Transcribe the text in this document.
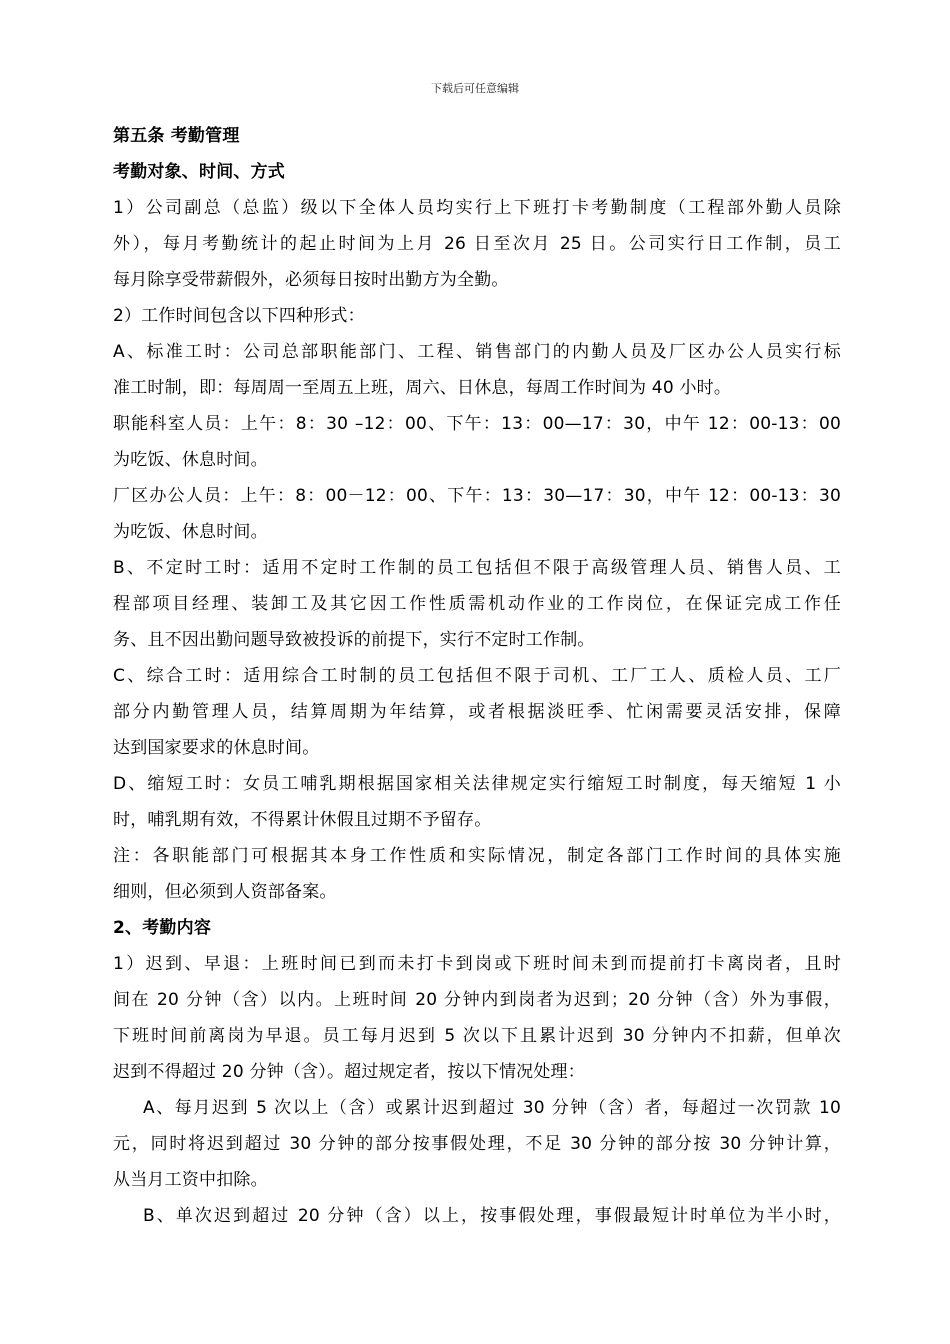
下载后可任意编辑
第五条 考勤管理
考勤对象、时间、方式
1）公司副总（总监）级以下全体人员均实行上下班打卡考勤制度（工程部外勤人员除
外），每月考勤统计的起止时间为上月 26 日至次月 25 日。公司实行日工作制，员工
每月除享受带薪假外，必须每日按时出勤方为全勤。
2）工作时间包含以下四种形式：
A、标准工时：公司总部职能部门、工程、销售部门的内勤人员及厂区办公人员实行标
准工时制，即：每周周一至周五上班，周六、日休息，每周工作时间为 40 小时。
职能科室人员：上午：8：30 –12：00、下午：13：00—17：30，中午 12：00-13：00
为吃饭、休息时间。
厂区办公人员：上午：8：00－12：00、下午：13：30—17：30，中午 12：00-13：30
为吃饭、休息时间。
B、不定时工时：适用不定时工作制的员工包括但不限于高级管理人员、销售人员、工
程部项目经理、装卸工及其它因工作性质需机动作业的工作岗位，在保证完成工作任
务、且不因出勤问题导致被投诉的前提下，实行不定时工作制。
C、综合工时：适用综合工时制的员工包括但不限于司机、工厂工人、质检人员、工厂
部分内勤管理人员，结算周期为年结算，或者根据淡旺季、忙闲需要灵活安排，保障
达到国家要求的休息时间。
D、缩短工时：女员工哺乳期根据国家相关法律规定实行缩短工时制度，每天缩短 1 小
时，哺乳期有效，不得累计休假且过期不予留存。
注：各职能部门可根据其本身工作性质和实际情况，制定各部门工作时间的具体实施
细则，但必须到人资部备案。
2、考勤内容
1）迟到、早退：上班时间已到而未打卡到岗或下班时间未到而提前打卡离岗者，且时
间在 20 分钟（含）以内。上班时间 20 分钟内到岗者为迟到；20 分钟（含）外为事假，
下班时间前离岗为早退。员工每月迟到 5 次以下且累计迟到 30 分钟内不扣薪，但单次
迟到不得超过 20 分钟（含）。超过规定者，按以下情况处理：
A、每月迟到 5 次以上（含）或累计迟到超过 30 分钟（含）者，每超过一次罚款 10
元，同时将迟到超过 30 分钟的部分按事假处理，不足 30 分钟的部分按 30 分钟计算，
从当月工资中扣除。
B、单次迟到超过 20 分钟（含）以上，按事假处理，事假最短计时单位为半小时，
